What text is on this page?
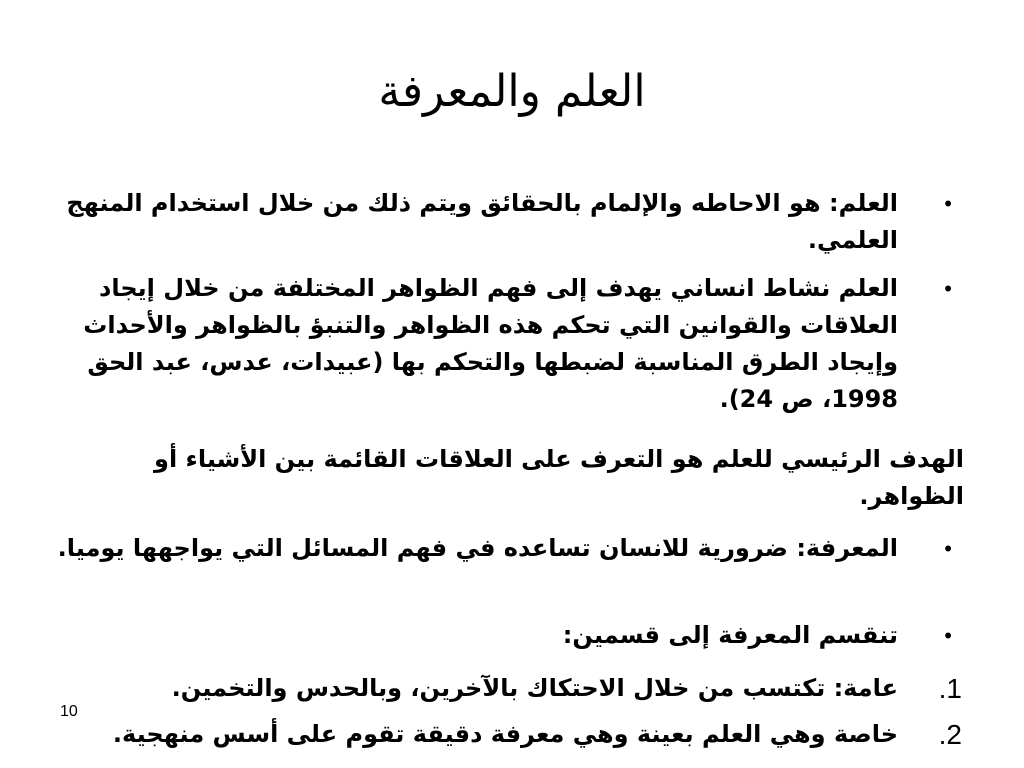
العلم والمعرفة
•
العلم: هو الاحاطه والإلمام بالحقائق ويتم ذلك من خلال استخدام المنهج العلمي.
•
العلم نشاط انساني يهدف إلى فهم الظواهر المختلفة من خلال إيجاد العلاقات والقوانين التي تحكم هذه الظواهر والتنبؤ بالظواهر والأحداث وإيجاد الطرق المناسبة لضبطها والتحكم بها (عبيدات، عدس، عبد الحق 1998، ص 24).
الهدف الرئيسي للعلم هو التعرف على العلاقات القائمة بين الأشياء أو الظواهر.
•
المعرفة: ضرورية للانسان تساعده في فهم المسائل التي يواجهها يوميا.
•
تنقسم المعرفة إلى قسمين:
1.
عامة: تكتسب من خلال الاحتكاك بالآخرين، وبالحدس والتخمين.
2.
خاصة وهي العلم بعينة وهي معرفة دقيقة تقوم على أسس منهجية.
10
